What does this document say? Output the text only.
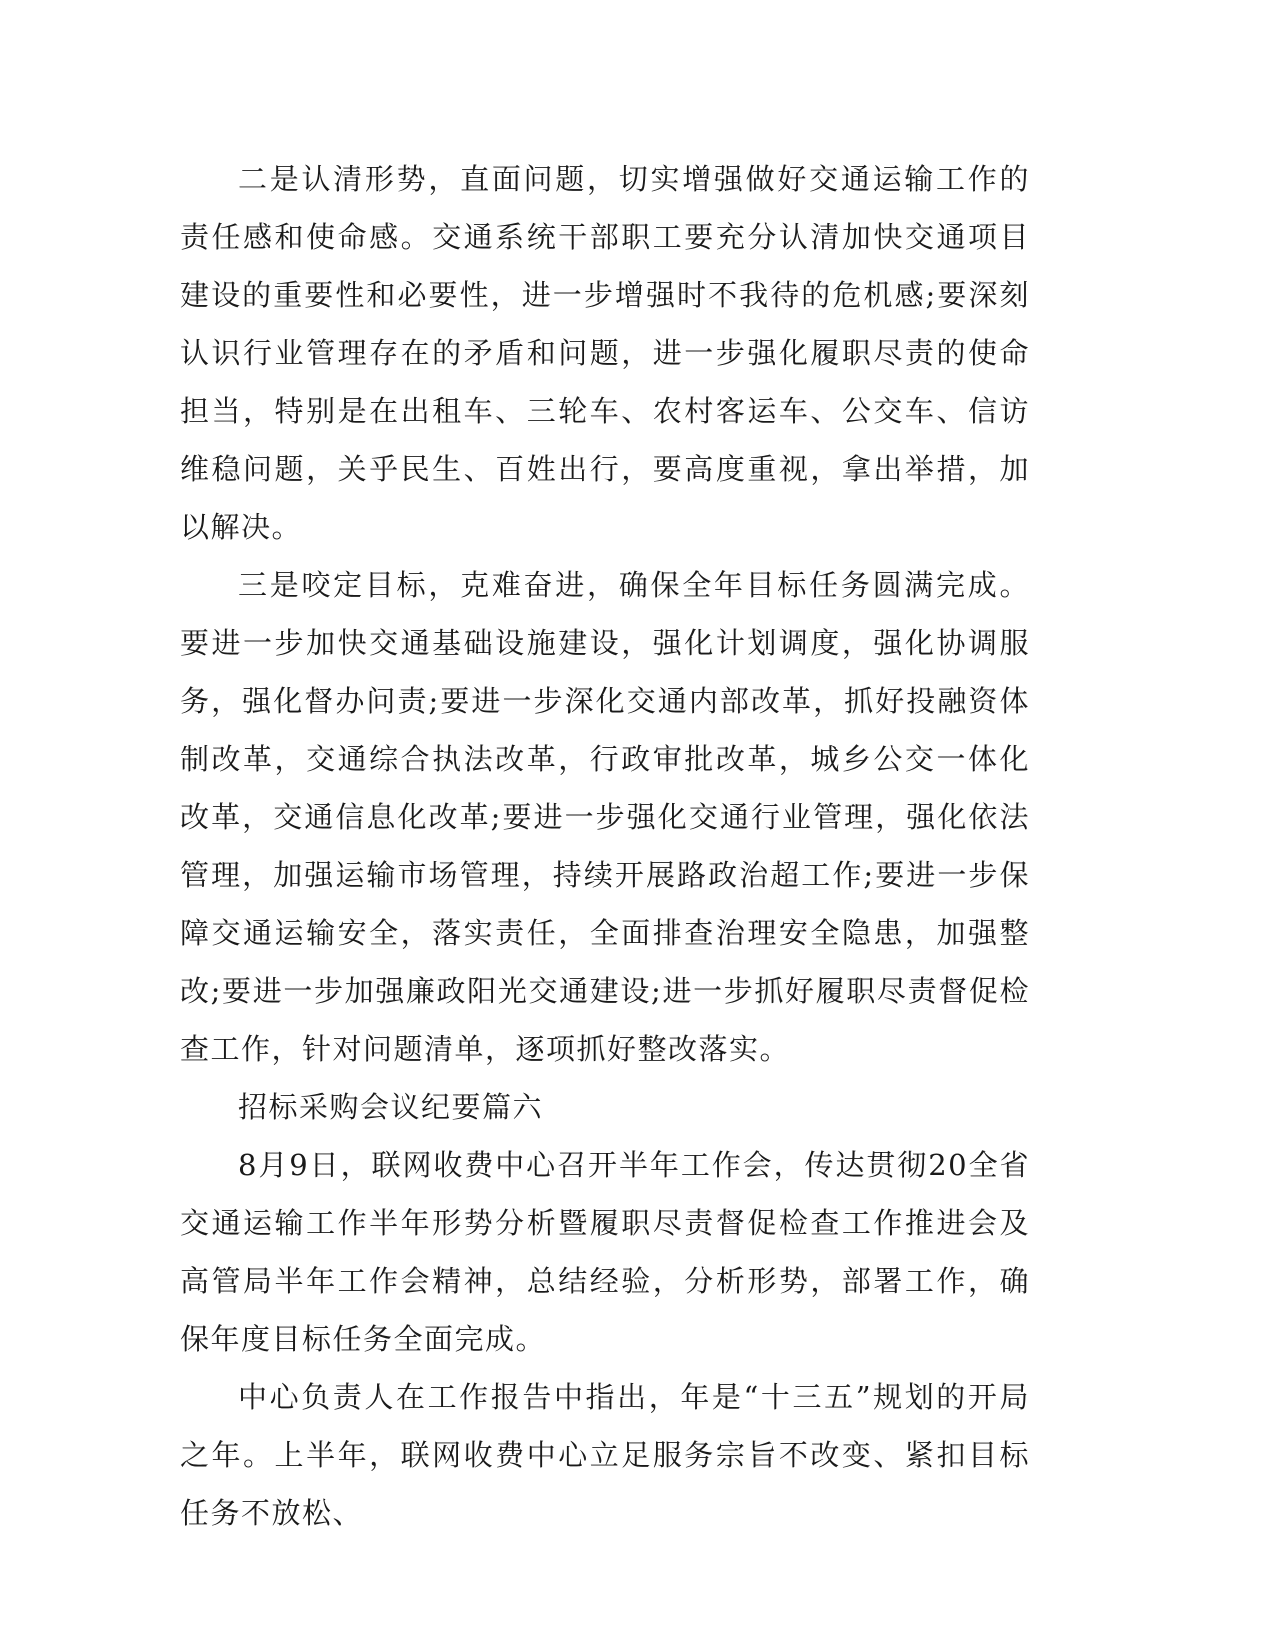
二是认清形势，直面问题，切实增强做好交通运输工作的责任感和使命感。交通系统干部职工要充分认清加快交通项目建设的重要性和必要性，进一步增强时不我待的危机感;要深刻认识行业管理存在的矛盾和问题，进一步强化履职尽责的使命担当，特别是在出租车、三轮车、农村客运车、公交车、信访维稳问题，关乎民生、百姓出行，要高度重视，拿出举措，加以解决。

三是咬定目标，克难奋进，确保全年目标任务圆满完成。要进一步加快交通基础设施建设，强化计划调度，强化协调服务，强化督办问责;要进一步深化交通内部改革，抓好投融资体制改革，交通综合执法改革，行政审批改革，城乡公交一体化改革，交通信息化改革;要进一步强化交通行业管理，强化依法管理，加强运输市场管理，持续开展路政治超工作;要进一步保障交通运输安全，落实责任，全面排查治理安全隐患，加强整改;要进一步加强廉政阳光交通建设;进一步抓好履职尽责督促检查工作，针对问题清单，逐项抓好整改落实。

招标采购会议纪要篇六

8月9日，联网收费中心召开半年工作会，传达贯彻20全省交通运输工作半年形势分析暨履职尽责督促检查工作推进会及高管局半年工作会精神，总结经验，分析形势，部署工作，确保年度目标任务全面完成。

中心负责人在工作报告中指出，年是“十三五”规划的开局之年。上半年，联网收费中心立足服务宗旨不改变、紧扣目标任务不放松、
